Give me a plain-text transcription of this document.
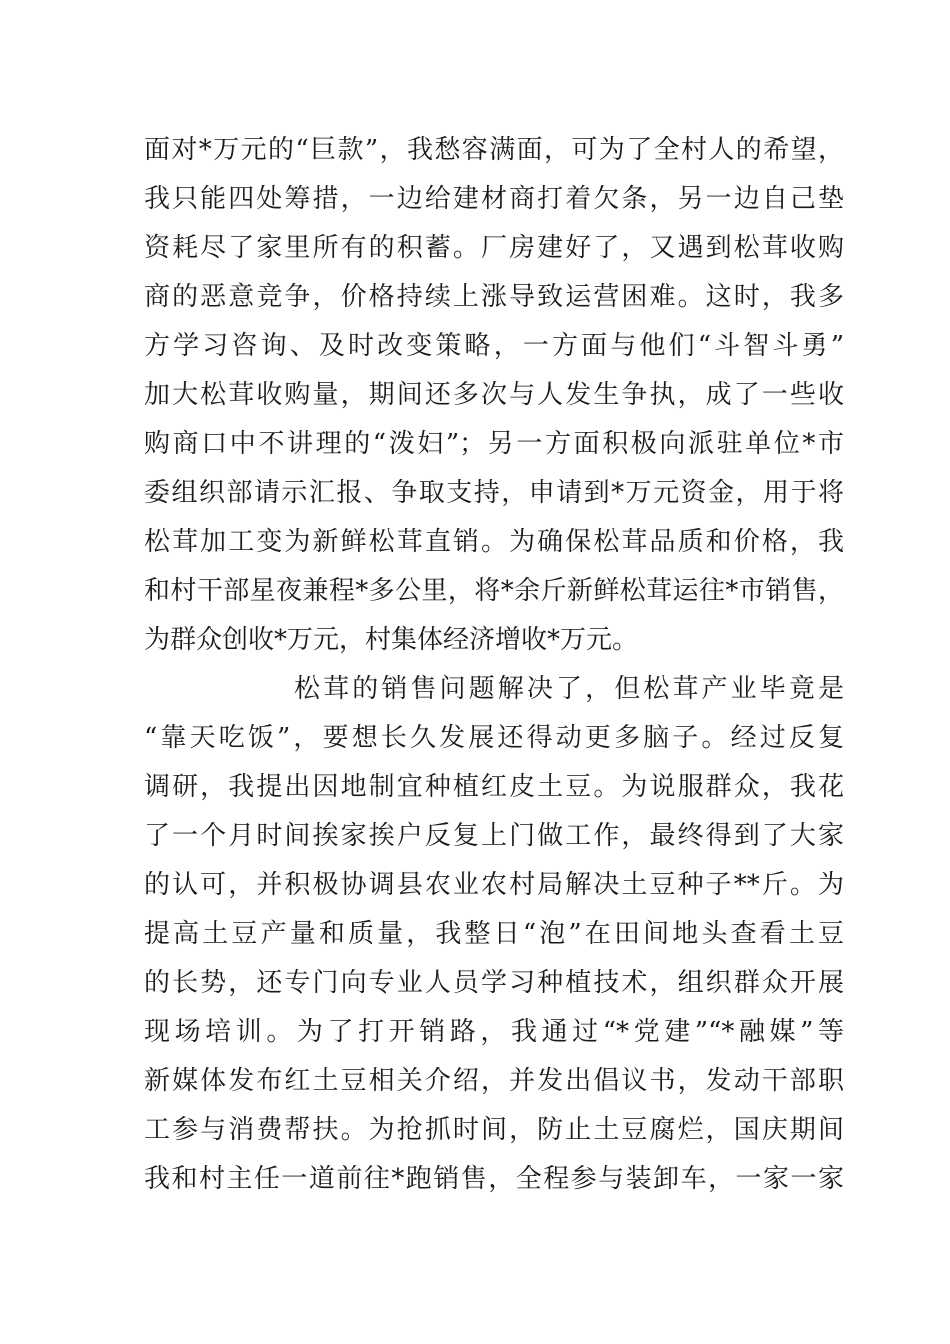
面对*万元的“巨款”，我愁容满面，可为了全村人的希望，
我只能四处筹措，一边给建材商打着欠条，另一边自己垫
资耗尽了家里所有的积蓄。厂房建好了，又遇到松茸收购
商的恶意竞争，价格持续上涨导致运营困难。这时，我多
方学习咨询、及时改变策略，一方面与他们“斗智斗勇”
加大松茸收购量，期间还多次与人发生争执，成了一些收
购商口中不讲理的“泼妇”；另一方面积极向派驻单位*市
委组织部请示汇报、争取支持，申请到*万元资金，用于将
松茸加工变为新鲜松茸直销。为确保松茸品质和价格，我
和村干部星夜兼程*多公里，将*余斤新鲜松茸运往*市销售，
为群众创收*万元，村集体经济增收*万元。
松茸的销售问题解决了，但松茸产业毕竟是
“靠天吃饭”，要想长久发展还得动更多脑子。经过反复
调研，我提出因地制宜种植红皮土豆。为说服群众，我花
了一个月时间挨家挨户反复上门做工作，最终得到了大家
的认可，并积极协调县农业农村局解决土豆种子**斤。为
提高土豆产量和质量，我整日“泡”在田间地头查看土豆
的长势，还专门向专业人员学习种植技术，组织群众开展
现场培训。为了打开销路，我通过“*党建”“*融媒”等
新媒体发布红土豆相关介绍，并发出倡议书，发动干部职
工参与消费帮扶。为抢抓时间，防止土豆腐烂，国庆期间
我和村主任一道前往*跑销售，全程参与装卸车，一家一家
